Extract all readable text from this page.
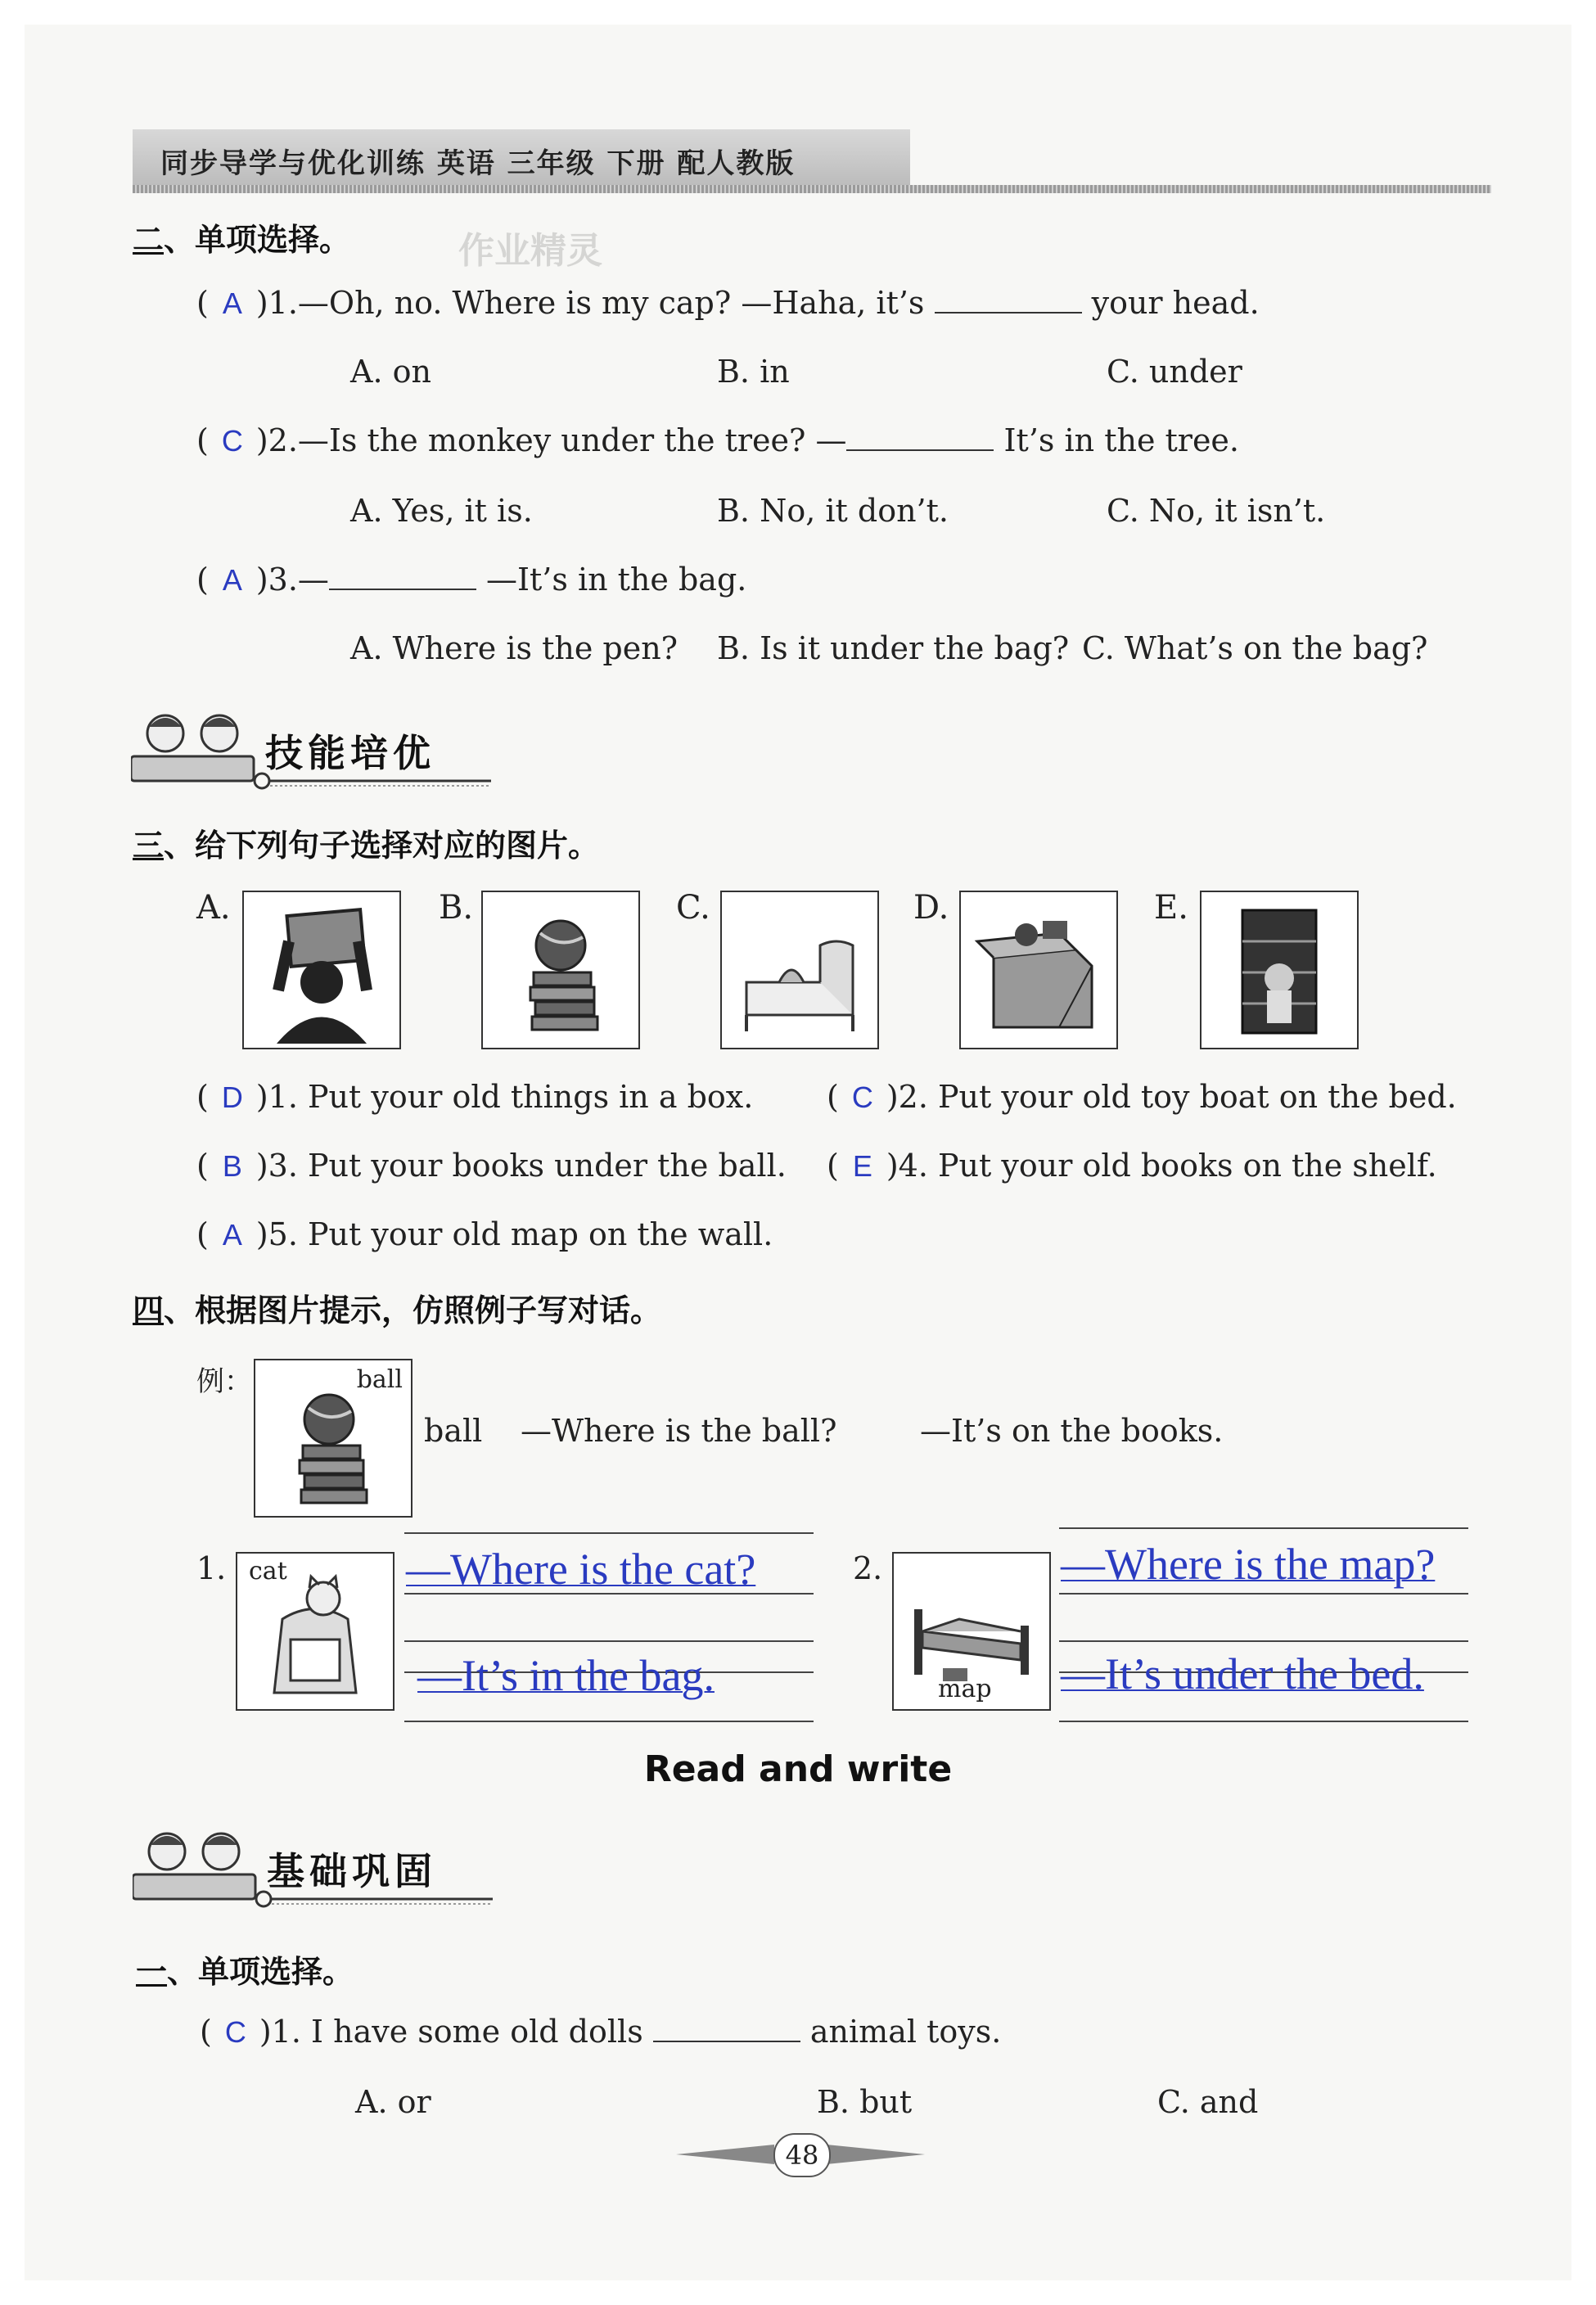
同步导学与优化训练 英语 三年级 下册 配人教版
二、单项选择。	作业精灵
( A )1.—Oh, no. Where is my cap? —Haha, it’s	your head.
A. on	B. in	C. under
( C )2.—Is the monkey under the tree? —	It’s in the tree.
A. Yes, it is.	B. No, it don’t.	C. No, it isn’t.
( A )3.—	—It’s in the bag.
A. Where is the pen? B. Is it under the bag? C. What’s on the bag?
技能培优
三、给下列句子选择对应的图片。
A.	B.	C.	D.	E.
( D )1. Put your old things in a box. ( C )2. Put your old toy boat on the bed.
( B )3. Put your books under the ball. ( E )4. Put your old books on the shelf.
( A )5. Put your old map on the wall.
四、根据图片提示，仿照例子写对话。
例：	ball
ball —Where is the ball?	—It’s on the books.
1. cat	—Where is the cat?
—It’s in the bag.
2.
map
—Where is the map?
—It’s under the bed.
Read and write
基础巩固
一、单项选择。
( C )1. I have some old dolls	animal toys.
A. or	B. but	C. and
48
